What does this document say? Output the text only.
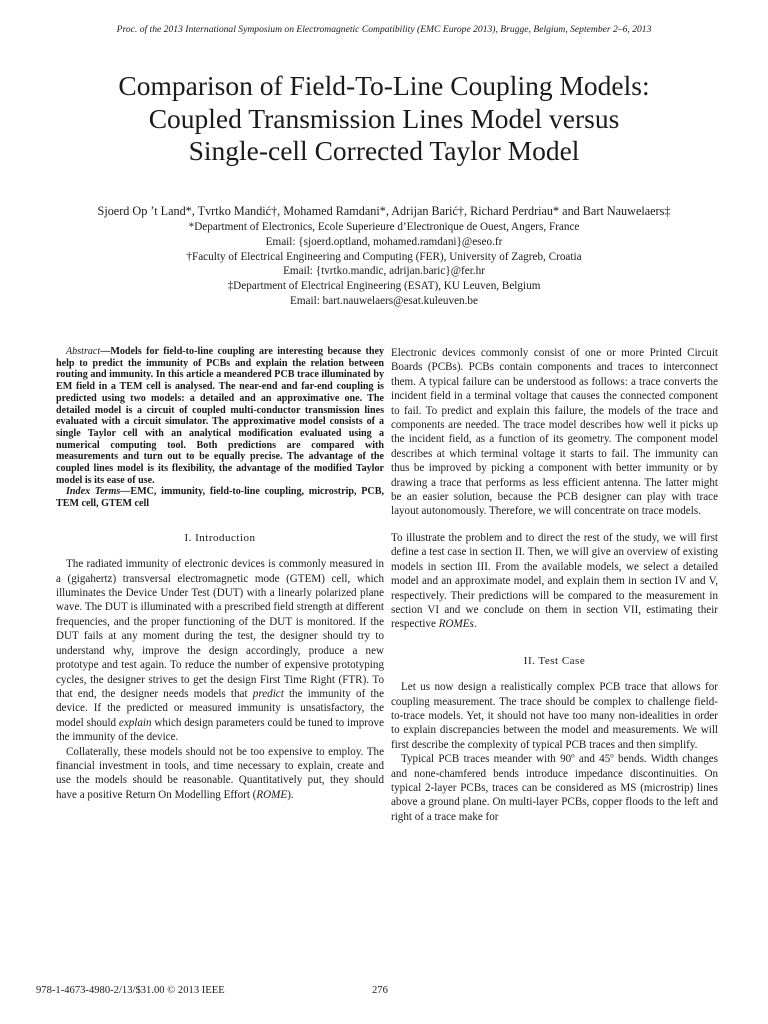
Proc. of the 2013 International Symposium on Electromagnetic Compatibility (EMC Europe 2013), Brugge, Belgium, September 2–6, 2013
Comparison of Field-To-Line Coupling Models:
Coupled Transmission Lines Model versus
Single-cell Corrected Taylor Model
Sjoerd Op ’t Land*, Tvrtko Mandić†, Mohamed Ramdani*, Adrijan Barić†, Richard Perdriau* and Bart Nauwelaers‡
*Department of Electronics, Ecole Superieure d’Electronique de Ouest, Angers, France
Email: {sjoerd.optland, mohamed.ramdani}@eseo.fr
†Faculty of Electrical Engineering and Computing (FER), University of Zagreb, Croatia
Email: {tvrtko.mandic, adrijan.baric}@fer.hr
‡Department of Electrical Engineering (ESAT), KU Leuven, Belgium
Email: bart.nauwelaers@esat.kuleuven.be
Abstract—Models for field-to-line coupling are interesting because they help to predict the immunity of PCBs and explain the relation between routing and immunity. In this article a meandered PCB trace illuminated by EM field in a TEM cell is analysed. The near-end and far-end coupling is predicted using two models: a detailed and an approximative one. The detailed model is a circuit of coupled multi-conductor transmission lines evaluated with a circuit simulator. The approximative model consists of a single Taylor cell with an analytical modification evaluated using a numerical computing tool. Both predictions are compared with measurements and turn out to be equally precise. The advantage of the coupled lines model is its flexibility, the advantage of the modified Taylor model is its ease of use.
Index Terms—EMC, immunity, field-to-line coupling, microstrip, PCB, TEM cell, GTEM cell
I. Introduction

The radiated immunity of electronic devices is commonly measured in a (gigahertz) transversal electromagnetic mode (GTEM) cell, which illuminates the Device Under Test (DUT) with a linearly polarized plane wave. The DUT is illuminated with a prescribed field strength at different frequencies, and the proper functioning of the DUT is monitored. If the DUT fails at any moment during the test, the designer should try to understand why, improve the design accordingly, produce a new prototype and test again. To reduce the number of expensive prototyping cycles, the designer strives to get the design First Time Right (FTR). To that end, the designer needs models that predict the immunity of the device. If the predicted or measured immunity is unsatisfactory, the model should explain which design parameters could be tuned to improve the immunity of the device.

Collaterally, these models should not be too expensive to employ. The financial investment in tools, and time necessary to explain, create and use the models should be reasonable. Quantitatively put, they should have a positive Return On Modelling Effort (ROME).

Electronic devices commonly consist of one or more Printed Circuit Boards (PCBs). PCBs contain components and traces to interconnect them. A typical failure can be understood as follows: a trace converts the incident field in a terminal voltage that causes the connected component to fail. To predict and explain this failure, the models of the trace and components are needed. The trace model describes how well it picks up the incident field, as a function of its geometry. The component model describes at which terminal voltage it starts to fail. The immunity can thus be improved by picking a component with better immunity or by drawing a trace that performs as less efficient antenna. The latter might be an easier solution, because the PCB designer can play with trace layout autonomously. Therefore, we will concentrate on trace models.

To illustrate the problem and to direct the rest of the study, we will first define a test case in section II. Then, we will give an overview of existing models in section III. From the available models, we select a detailed model and an approximate model, and explain them in section IV and V, respectively. Their predictions will be compared to the measurement in section VI and we conclude on them in section VII, estimating their respective ROMEs.

II. Test Case

Let us now design a realistically complex PCB trace that allows for coupling measurement. The trace should be complex to challenge field-to-trace models. Yet, it should not have too many non-idealities in order to explain discrepancies between the model and measurements. We will first describe the complexity of typical PCB traces and then simplify.

Typical PCB traces meander with 90$^o$ and 45$^o$ bends. Width changes and none-chamfered bends introduce impedance discontinuities. On typical 2-layer PCBs, traces can be considered as MS (microstrip) lines above a ground plane. On multi-layer PCBs, copper floods to the left and right of a trace make for

978-1-4673-4980-2/13/$31.00 © 2013 IEEE	276
